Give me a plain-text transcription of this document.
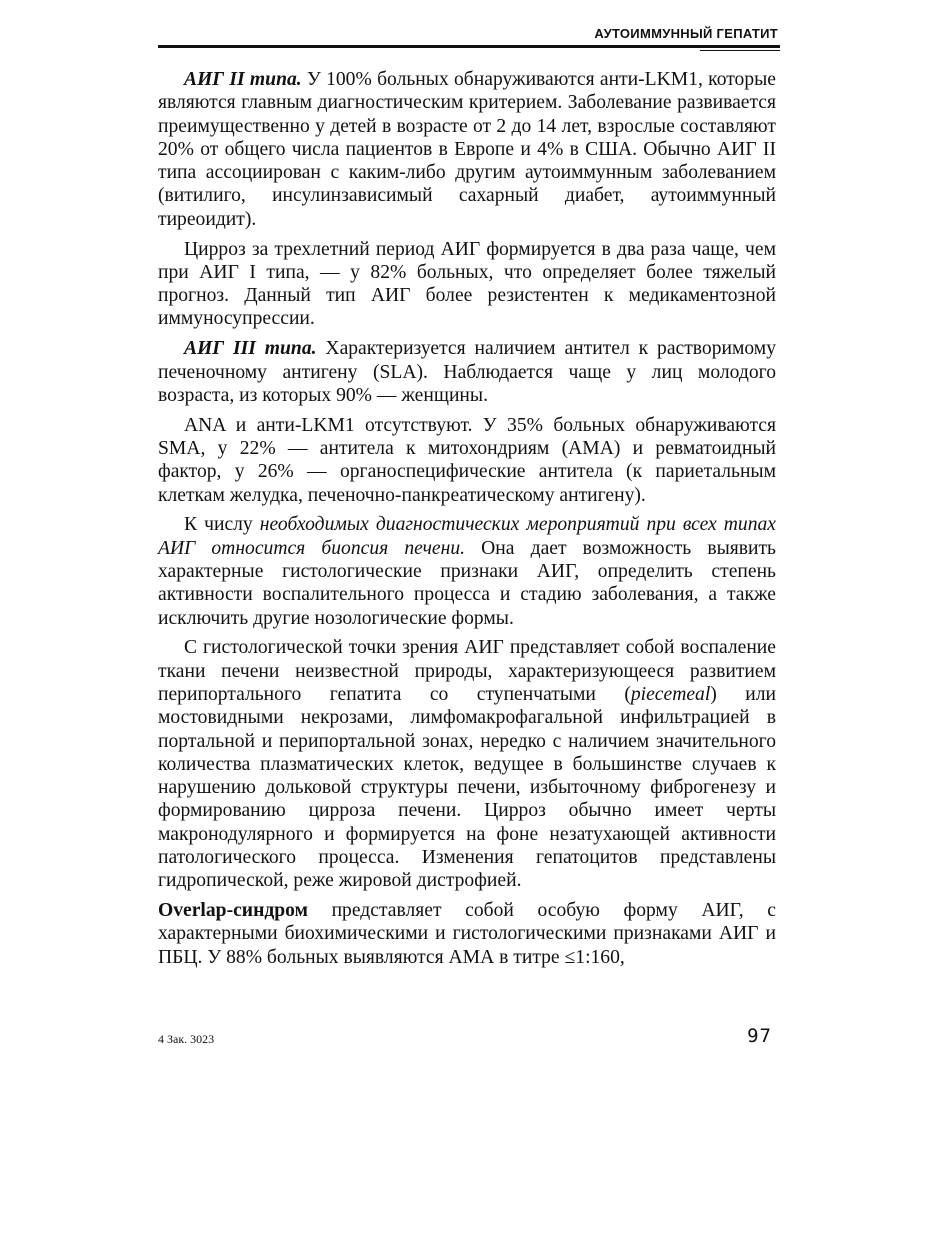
АУТОИММУННЫЙ ГЕПАТИТ

АИГ II типа. У 100% больных обнаруживаются анти-LKM1, которые являются главным диагностическим критерием. Заболевание развивается преимущественно у детей в возрасте от 2 до 14 лет, взрослые составляют 20% от общего числа пациентов в Европе и 4% в США. Обычно АИГ II типа ассоциирован с каким-либо другим аутоиммунным заболеванием (витилиго, инсулинзависимый сахарный диабет, аутоиммунный тиреоидит).

Цирроз за трехлетний период АИГ формируется в два раза чаще, чем при АИГ I типа, — у 82% больных, что определяет более тяжелый прогноз. Данный тип АИГ более резистентен к медикаментозной иммуносупрессии.

АИГ III типа. Характеризуется наличием антител к растворимому печеночному антигену (SLA). Наблюдается чаще у лиц молодого возраста, из которых 90% — женщины.

ANA и анти-LKM1 отсутствуют. У 35% больных обнаруживаются SMA, у 22% — антитела к митохондриям (АМА) и ревматоидный фактор, у 26% — органоспецифические антитела (к париетальным клеткам желудка, печеночно-панкреатическому антигену).

К числу необходимых диагностических мероприятий при всех типах АИГ относится биопсия печени. Она дает возможность выявить характерные гистологические признаки АИГ, определить степень активности воспалительного процесса и стадию заболевания, а также исключить другие нозологические формы.

С гистологической точки зрения АИГ представляет собой воспаление ткани печени неизвестной природы, характеризующееся развитием перипортального гепатита со ступенчатыми (piecemeal) или мостовидными некрозами, лимфомакрофагальной инфильтрацией в портальной и перипортальной зонах, нередко с наличием значительного количества плазматических клеток, ведущее в большинстве случаев к нарушению дольковой структуры печени, избыточному фиброгенезу и формированию цирроза печени. Цирроз обычно имеет черты макронодулярного и формируется на фоне незатухающей активности патологического процесса. Изменения гепатоцитов представлены гидропической, реже жировой дистрофией.

Overlap-синдром представляет собой особую форму АИГ, с характерными биохимическими и гистологическими признаками АИГ и ПБЦ. У 88% больных выявляются АМА в титре ≤1:160,

4 Зак. 3023	97
